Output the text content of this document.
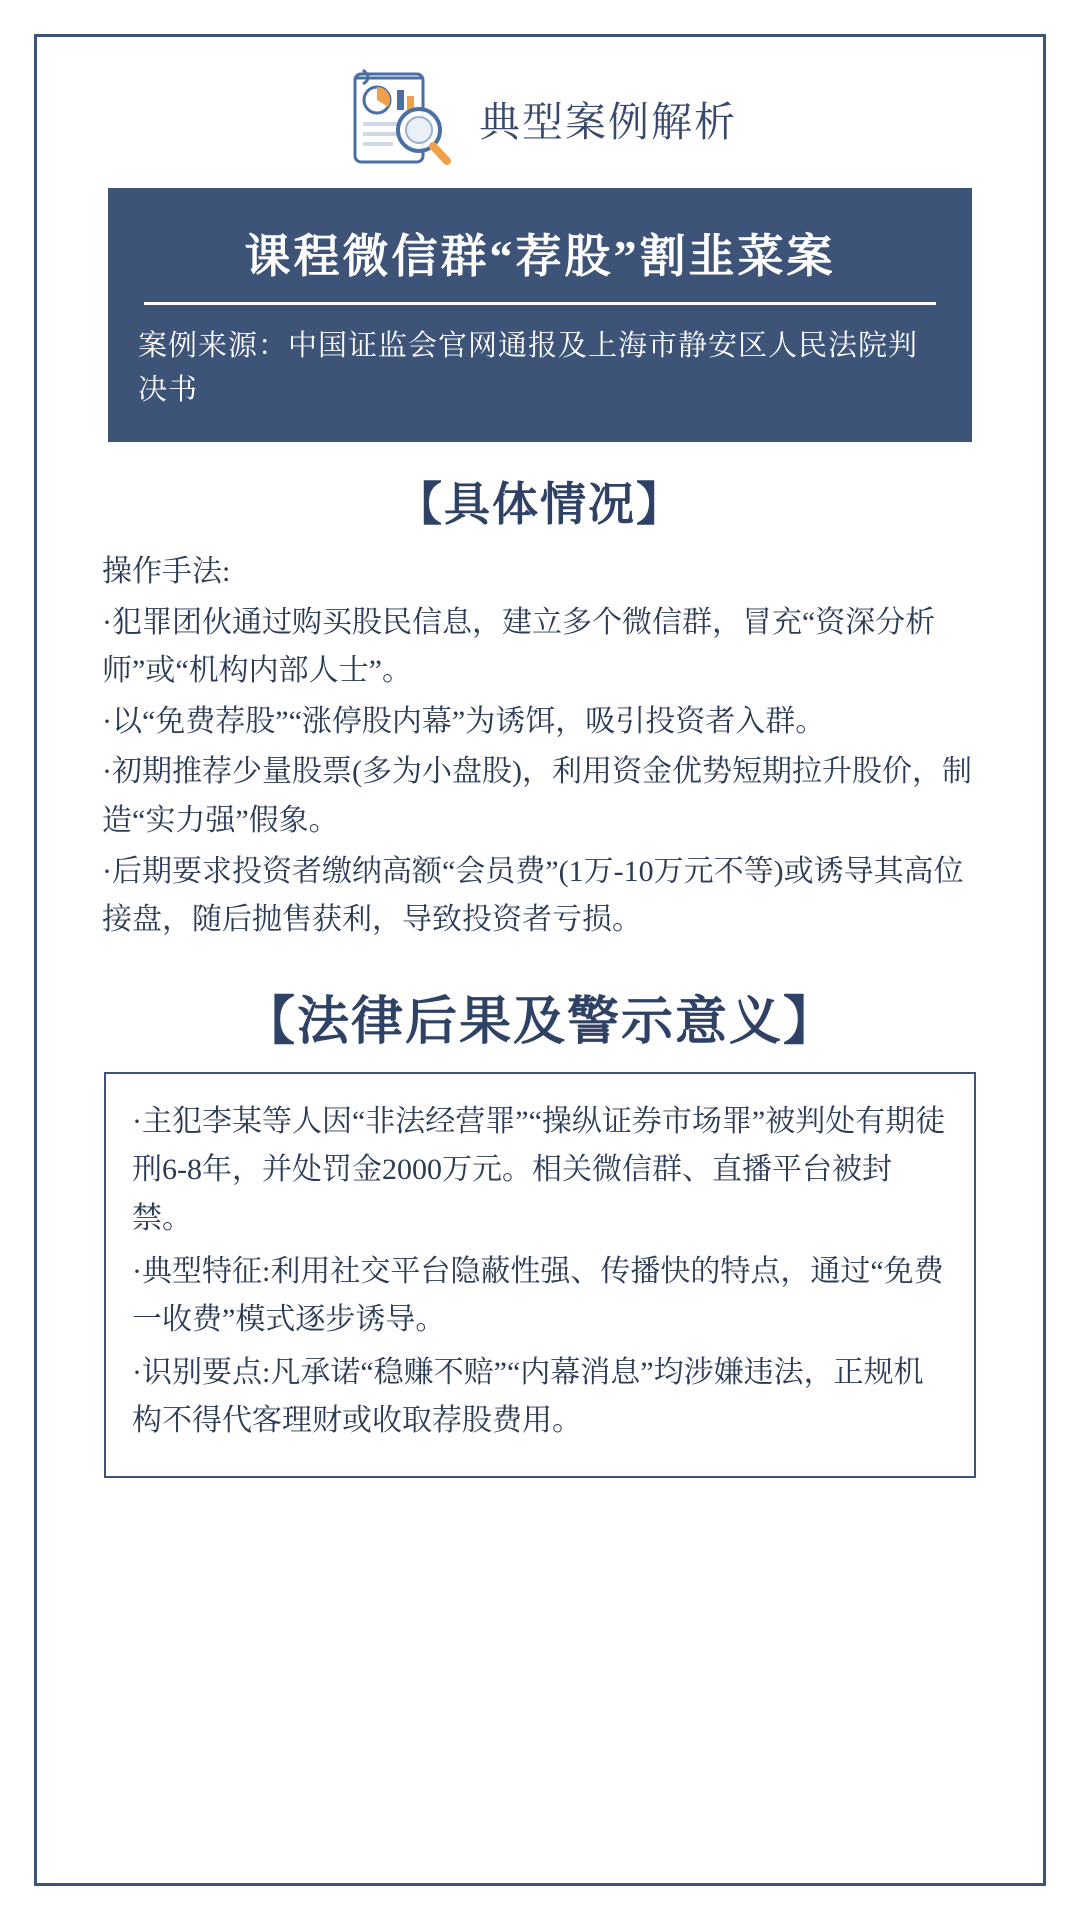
典型案例解析
课程微信群“荐股”割韭菜案
案例来源：中国证监会官网通报及上海市静安区人民法院判决书
【具体情况】

操作手法:

·犯罪团伙通过购买股民信息，建立多个微信群，冒充“资深分析师”或“机构内部人士”。

·以“免费荐股”“涨停股内幕”为诱饵，吸引投资者入群。

·初期推荐少量股票(多为小盘股)，利用资金优势短期拉升股价，制造“实力强”假象。

·后期要求投资者缴纳高额“会员费”(1万-10万元不等)或诱导其高位接盘，随后抛售获利，导致投资者亏损。

【法律后果及警示意义】

·主犯李某等人因“非法经营罪”“操纵证券市场罪”被判处有期徒刑6-8年，并处罚金2000万元。相关微信群、直播平台被封禁。

·典型特征:利用社交平台隐蔽性强、传播快的特点，通过“免费一收费”模式逐步诱导。

·识别要点:凡承诺“稳赚不赔”“内幕消息”均涉嫌违法，正规机构不得代客理财或收取荐股费用。
